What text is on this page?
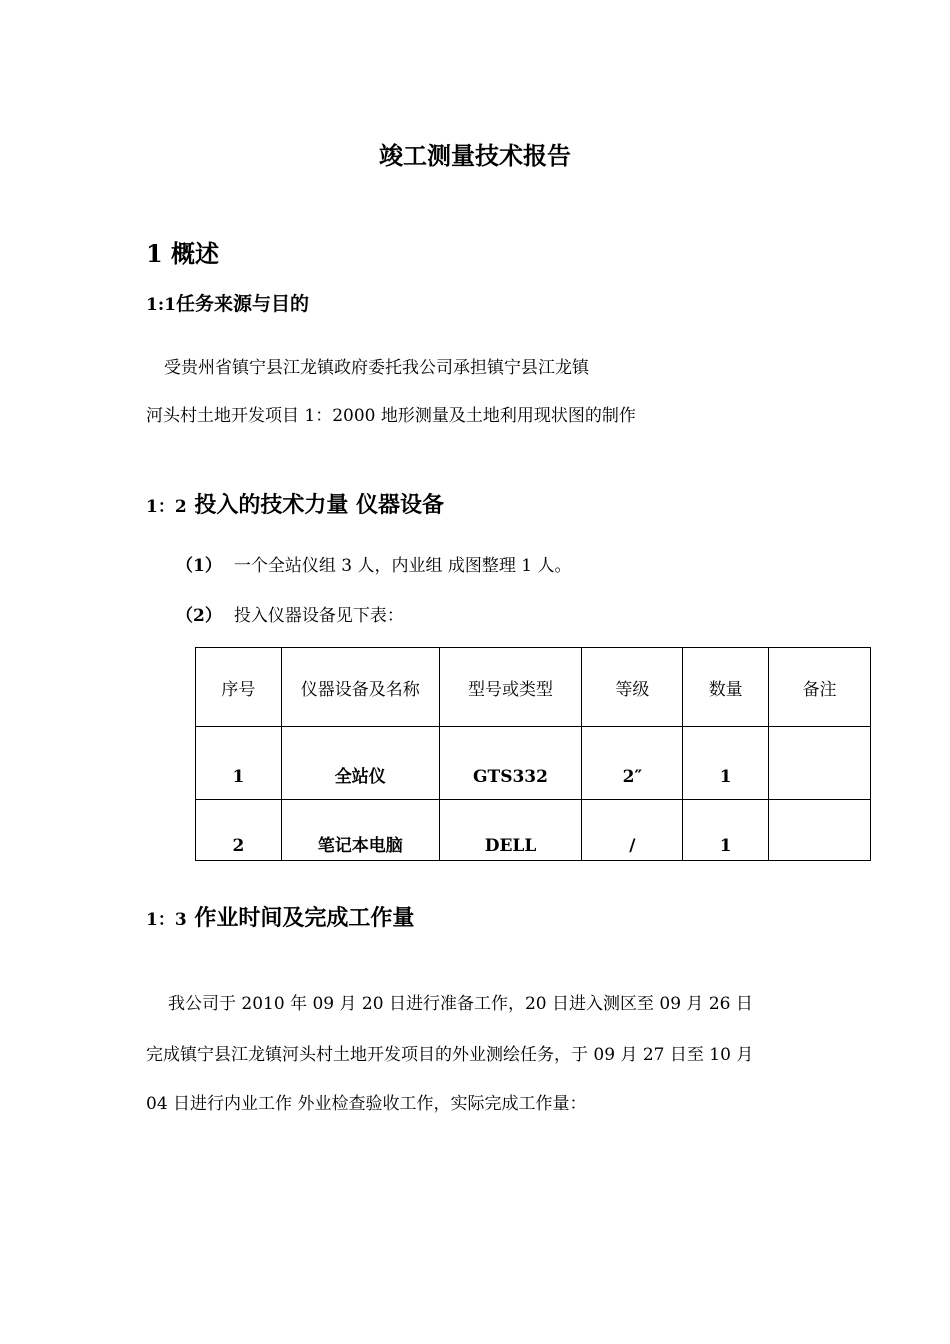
竣工测量技术报告
1 概述
1:1任务来源与目的
受贵州省镇宁县江龙镇政府委托我公司承担镇宁县江龙镇
河头村土地开发项目 1：2000 地形测量及土地利用现状图的制作
1：2 投入的技术力量 仪器设备
（1） 一个全站仪组 3 人，内业组 成图整理 1 人。
（2） 投入仪器设备见下表：
序号	仪器设备及名称	型号或类型	等级	数量	备注
1	全站仪	GTS332	2″	1	
2	笔记本电脑	DELL	/	1	
1：3 作业时间及完成工作量
我公司于 2010 年 09 月 20 日进行准备工作，20 日进入测区至 09 月 26 日
完成镇宁县江龙镇河头村土地开发项目的外业测绘任务，于 09 月 27 日至 10 月
04 日进行内业工作 外业检查验收工作，实际完成工作量：
